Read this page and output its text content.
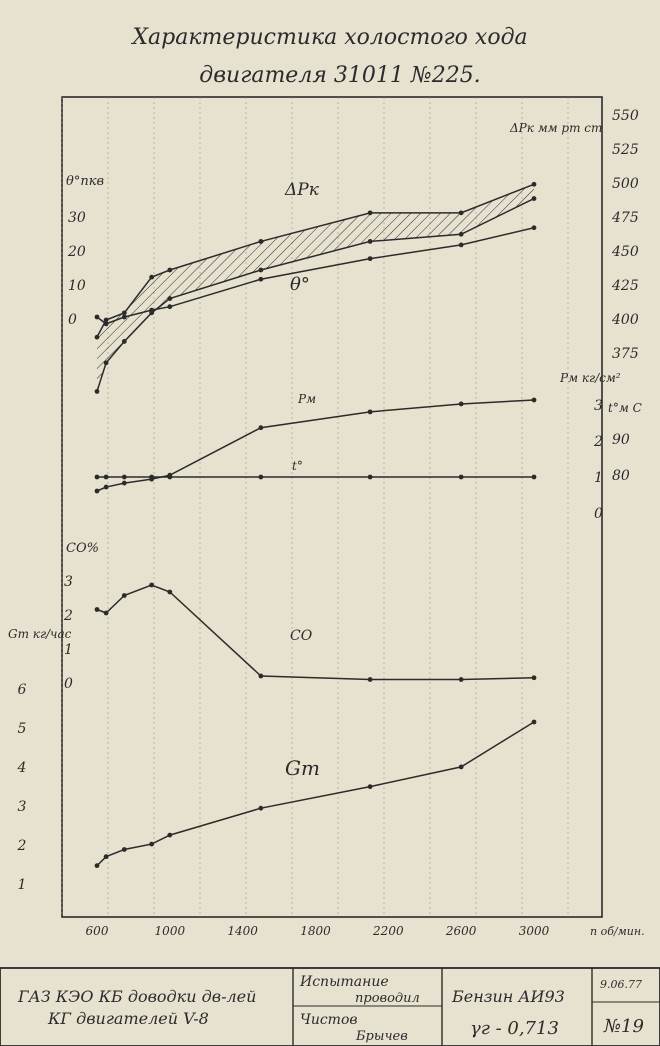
Характеристика холостого хода
двигателя 31011 №225.
600	1000	1400	1800	2200	2600	3000	n об/мин.
ΔPк мм рт ст
θ°пкв
Pм кг/см²
t°м C
CO%
Gm кг/час
550
525
500
475
450
425
400
375
30
20
10
0
3
2
1
0
90
80
3
2
1
0
6
5
4
3
2
1
ΔPк
θ°
Pм
t°
CO
Gm
ГАЗ КЭО КБ доводки дв-лей
КГ двигателей V-8
Испытание
проводил
Чистов
Брычев
Бензин АИ93
γг - 0,713
9.06.77
№19
